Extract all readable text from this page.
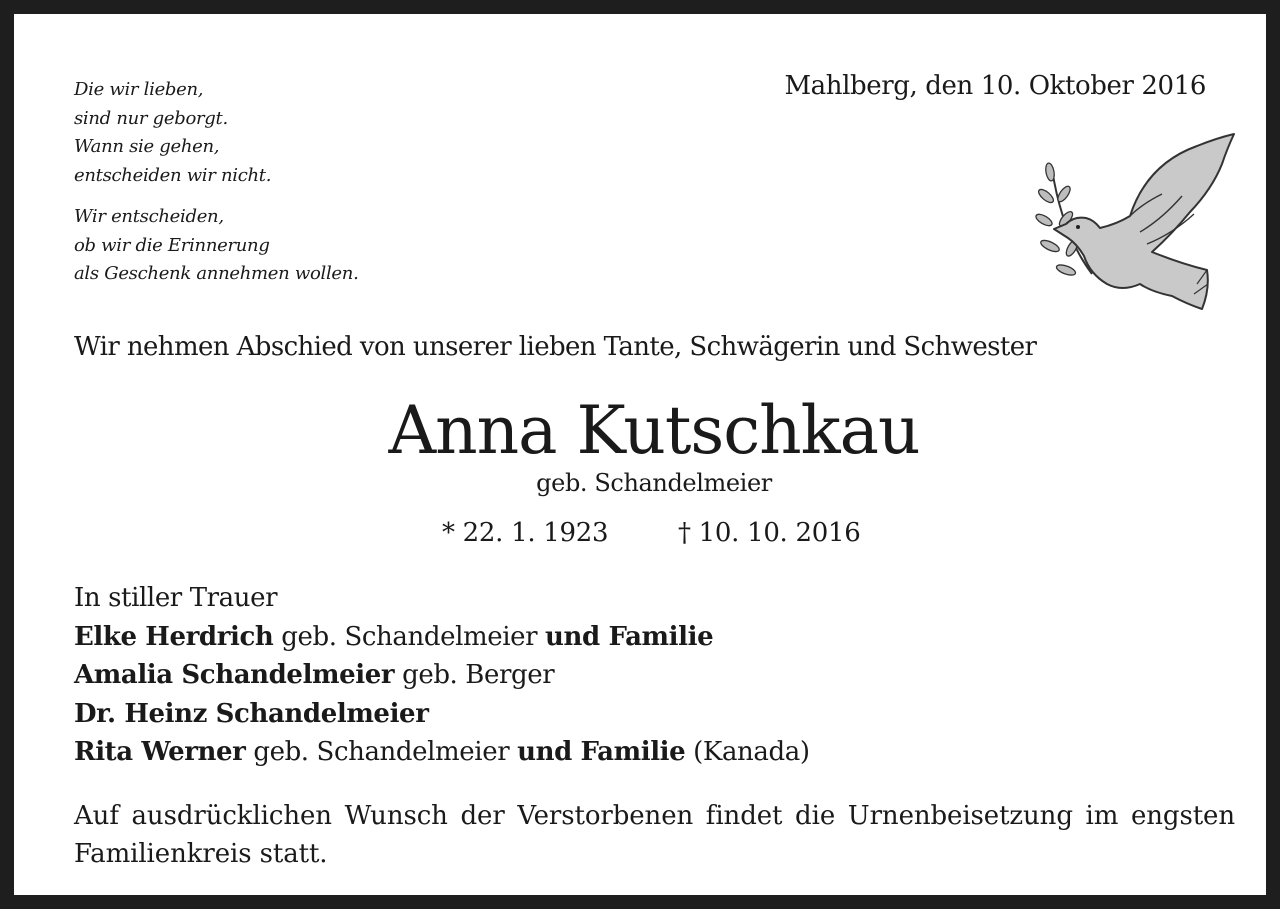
Die wir lieben,
sind nur geborgt.
Wann sie gehen,
entscheiden wir nicht.
Wir entscheiden,
ob wir die Erinnerung
als Geschenk annehmen wollen.
Mahlberg, den 10. Oktober 2016
Wir nehmen Abschied von unserer lieben Tante, Schwägerin und Schwester
Anna Kutschkau
geb. Schandelmeier
* 22. 1. 1923	† 10. 10. 2016
In stiller Trauer
Elke Herdrich geb. Schandelmeier und Familie
Amalia Schandelmeier geb. Berger
Dr. Heinz Schandelmeier
Rita Werner geb. Schandelmeier und Familie (Kanada)
Auf ausdrücklichen Wunsch der Verstorbenen findet die Urnenbeisetzung im engsten Familienkreis statt.
